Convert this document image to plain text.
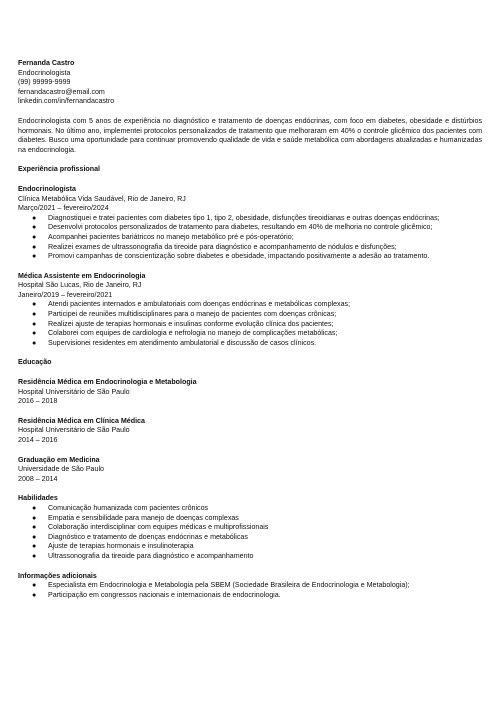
Fernanda Castro
Endocrinologista
(99) 99999-9999
fernandacastro@email.com
linkedin.com/in/fernandacastro
Endocrinologista com 5 anos de experiência no diagnóstico e tratamento de doenças endócrinas, com foco em diabetes, obesidade e distúrbios hormonais. No último ano, implementei protocolos personalizados de tratamento que melhoraram em 40% o controle glicêmico dos pacientes com diabetes. Busco uma oportunidade para continuar promovendo qualidade de vida e saúde metabólica com abordagens atualizadas e humanizadas na endocrinologia.
Experiência profissional
Endocrinologista
Clínica Metabólica Vida Saudável, Rio de Janeiro, RJ
Março/2021 – fevereiro/2024
● Diagnostiquei e tratei pacientes com diabetes tipo 1, tipo 2, obesidade, disfunções tireoidianas e outras doenças endócrinas;
● Desenvolvi protocolos personalizados de tratamento para diabetes, resultando em 40% de melhoria no controle glicêmico;
● Acompanhei pacientes bariátricos no manejo metabólico pré e pós-operatório;
● Realizei exames de ultrassonografia da tireoide para diagnóstico e acompanhamento de nódulos e disfunções;
● Promovi campanhas de conscientização sobre diabetes e obesidade, impactando positivamente a adesão ao tratamento.
Médica Assistente em Endocrinologia
Hospital São Lucas, Rio de Janeiro, RJ
Janeiro/2019 – fevereiro/2021
● Atendi pacientes internados e ambulatoriais com doenças endócrinas e metabólicas complexas;
● Participei de reuniões multidisciplinares para o manejo de pacientes com doenças crônicas;
● Realizei ajuste de terapias hormonais e insulinas conforme evolução clínica dos pacientes;
● Colaborei com equipes de cardiologia e nefrologia no manejo de complicações metabólicas;
● Supervisionei residentes em atendimento ambulatorial e discussão de casos clínicos.
Educação
Residência Médica em Endocrinologia e Metabologia
Hospital Universitário de São Paulo
2016 – 2018
Residência Médica em Clínica Médica
Hospital Universitário de São Paulo
2014 – 2016
Graduação em Medicina
Universidade de São Paulo
2008 – 2014
Habilidades
● Comunicação humanizada com pacientes crônicos
● Empatia e sensibilidade para manejo de doenças complexas
● Colaboração interdisciplinar com equipes médicas e multiprofissionais
● Diagnóstico e tratamento de doenças endócrinas e metabólicas
● Ajuste de terapias hormonais e insulinoterapia
● Ultrassonografia da tireoide para diagnóstico e acompanhamento
Informações adicionais
● Especialista em Endocrinologia e Metabologia pela SBEM (Sociedade Brasileira de Endocrinologia e Metabologia);
● Participação em congressos nacionais e internacionais de endocrinologia.
